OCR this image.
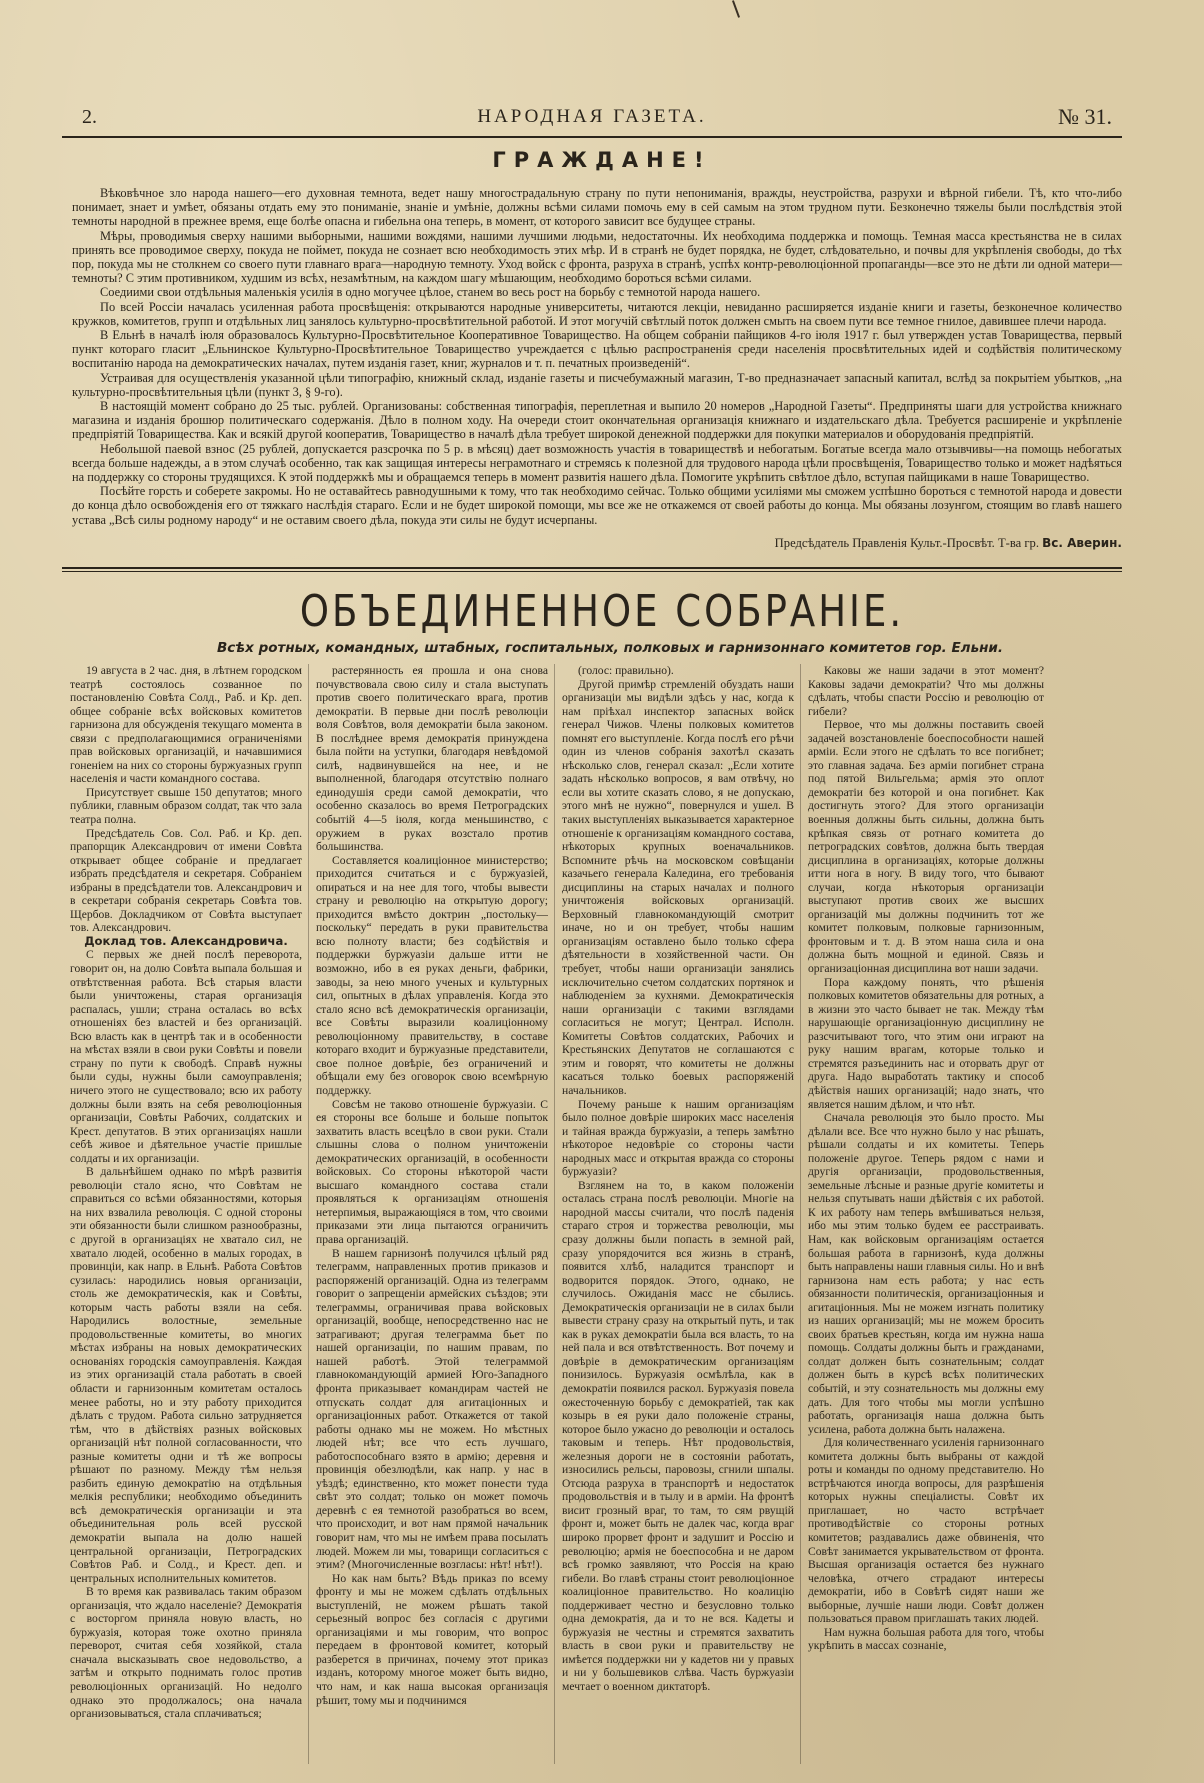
2.	НАРОДНАЯ ГАЗЕТА.	№ 31.
ГРАЖДАНЕ!

Вѣковѣчное зло народа нашего—его духовная темнота, ведет нашу многострадальную страну по пути непониманія, вражды, неустройства, разрухи и вѣрной гибели. Тѣ, кто что-либо понимает, знает и умѣет, обязаны отдать ему это пониманіе, знаніе и умѣніе, должны всѣми силами помочь ему в сей самым на этом трудном пути. Безконечно тяжелы были послѣдствія этой темноты народной в прежнее время, еще болѣе опасна и гибельна она теперь, в момент, от которого зависит все будущее страны.

Мѣры, проводимыя сверху нашими выборными, нашими вождями, нашими лучшими людьми, недостаточны. Их необходима поддержка и помощь. Темная масса крестьянства не в силах принять все проводимое сверху, покуда не поймет, покуда не сознает всю необходимость этих мѣр. И в странѣ не будет порядка, не будет, слѣдовательно, и почвы для укрѣпленія свободы, до тѣх пор, покуда мы не столкнем со своего пути главнаго врага—народную темноту. Уход войск с фронта, разруха в странѣ, успѣх контр-революціонной пропаганды—все это не дѣти ли одной матери—темноты? С этим противником, худшим из всѣх, незамѣтным, на каждом шагу мѣшающим, необходимо бороться всѣми силами.

Соедиими свои отдѣльныя маленькія усилія в одно могучее цѣлое, станем во весь рост на борьбу с темнотой народа нашего.

По всей Россіи началась усиленная работа просвѣщенія: открываются народные университеты, читаются лекціи, невиданно расширяется изданіе книги и газеты, безконечное количество кружков, комитетов, групп и отдѣльных лиц занялось культурно-просвѣтительной работой. И этот могучій свѣтлый поток должен смыть на своем пути все темное гнилое, давившее плечи народа.

В Ельнѣ в началѣ іюля образовалось Культурно-Просвѣтительное Кооперативное Товарищество. На общем собраніи пайщиков 4-го іюля 1917 г. был утвержден устав Товарищества, первый пункт котораго гласит „Ельнинское Культурно-Просвѣтительное Товарищество учреждается с цѣлью распространенія среди населенія просвѣтительных идей и содѣйствія политическому воспитанію народа на демократических началах, путем изданія газет, книг, журналов и т. п. печатных произведеній“.

Устраивая для осуществленія указанной цѣли типографію, книжный склад, изданіе газеты и писчебумажный магазин, Т-во предназначает запасный капитал, вслѣд за покрытіем убытков, „на культурно-просвѣтительныя цѣли (пункт 3, § 9-го).

В настоящій момент собрано до 25 тыс. рублей. Организованы: собственная типографія, переплетная и выпило 20 номеров „Народной Газеты“. Предприняты шаги для устройства книжнаго магазина и изданія брошюр политическаго содержанія. Дѣло в полном ходу. На очереди стоит окончательная организація книжнаго и издательскаго дѣла. Требуется расширеніе и укрѣпленіе предпріятій Товарищества. Как и всякій другой кооператив, Товарищество в началѣ дѣла требует широкой денежной поддержки для покупки материалов и оборудованія предпріятій.

Небольшой паевой взнос (25 рублей, допускается разсрочка по 5 р. в мѣсяц) дает возможность участія в товариществѣ и небогатым. Богатые всегда мало отзывчивы—на помощь небогатых всегда больше надежды, а в этом случаѣ особенно, так как защищая интересы неграмотнаго и стремясь к полезной для трудового народа цѣли просвѣщенія, Товарищество только и может надѣяться на поддержку со стороны трудящихся. К этой поддержкѣ мы и обращаемся теперь в момент развитія нашего дѣла. Помогите укрѣпить свѣтлое дѣло, вступая пайщиками в наше Товарищество.

Посѣйте горсть и соберете закромы. Но не оставайтесь равнодушными к тому, что так необходимо сейчас. Только общими усиліями мы сможем успѣшно бороться с темнотой народа и довести до конца дѣло освобожденія его от тяжкаго наслѣдія стараго. Если и не будет широкой помощи, мы все же не откажемся от своей работы до конца. Мы обязаны лозунгом, стоящим во главѣ нашего устава „Всѣ силы родному народу“ и не оставим своего дѣла, покуда эти силы не будут исчерпаны.

Предсѣдатель Правленія Культ.-Просвѣт. Т-ва гр. Вс. Аверин.
ОБЪЕДИНЕННОЕ СОБРАНІЕ.
Всѣх ротных, командных, штабных, госпитальных, полковых и гарнизоннаго комитетов гор. Ельни.

19 августа в 2 час. дня, в лѣтнем городском театрѣ состоялось созванное по постановленію Совѣта Солд., Раб. и Кр. деп. общее собраніе всѣх войсковых комитетов гарнизона для обсужденія текущаго момента в связи с предполагающимися ограниченіями прав войсковых организацій, и начавшимися гоненіем на них со стороны буржуазных групп населенія и части командного состава.

Присутствует свыше 150 депутатов; много публики, главным образом солдат, так что зала театра полна.

Предсѣдатель Сов. Сол. Раб. и Кр. деп. прапорщик Александрович от имени Совѣта открывает общее собраніе и предлагает избрать предсѣдателя и секретаря. Собраніем избраны в предсѣдатели тов. Александрович и в секретари собранія секретарь Совѣта тов. Щербов. Докладчиком от Совѣта выступает тов. Александрович.

Доклад тов. Александровича.

С первых же дней послѣ переворота, говорит он, на долю Совѣта выпала большая и отвѣтственная работа. Всѣ старыя власти были уничтожены, старая организація распалась, ушли; страна осталась во всѣх отношеніях без властей и без организацій. Всю власть как в центрѣ так и в особенности на мѣстах взяли в свои руки Совѣты и повели страну по пути к свободѣ. Справѣ нужны были суды, нужны были самоуправленія; ничего этого не существовало; всю их работу должны были взять на себя революціонныя организаціи, Совѣты Рабочих, солдатских и Крест. депутатов. В этих организаціях нашли себѣ живое и дѣятельное участіе пришлые солдаты и их организаціи.

В дальнѣйшем однако по мѣрѣ развитія революціи стало ясно, что Совѣтам не справиться со всѣми обязанностями, которыя на них взвалила революція. С одной стороны эти обязанности были слишком разнообразны, с другой в организаціях не хватало сил, не хватало людей, особенно в малых городах, в провинціи, как напр. в Ельнѣ. Работа Совѣтов сузилась: народились новыя организаціи, столь же демократическія, как и Совѣты, которым часть работы взяли на себя. Народились волостные, земельные продовольственные комитеты, во многих мѣстах избраны на новых демократических основаніях городскія самоуправленія. Каждая из этих организацій стала работать в своей области и гарнизонным комитетам осталось менее работы, но и эту работу приходится дѣлать с трудом. Работа сильно затрудняется тѣм, что в дѣйствіях разных войсковых организацій нѣт полной согласованности, что разные комитеты одни и тѣ же вопросы рѣшают по разному. Между тѣм нельзя разбить единую демократію на отдѣльныя мелкія республики; необходимо объединить всѣ демократическія организаціи и эта объединительная роль всей русской демократіи выпала на долю нашей центральной организаціи, Петроградских Совѣтов Раб. и Солд., и Крест. деп. и центральных исполнительных комитетов.

В то время как развивалась таким образом организація, что ждало населеніе? Демократія с восторгом приняла новую власть, но буржуазія, которая тоже охотно приняла переворот, считая себя хозяйкой, стала сначала высказывать свое недовольство, а затѣм и открыто поднимать голос против революціонных организацій. Но недолго однако это продолжалось; она начала организовываться, стала сплачиваться;

растерянность ея прошла и она снова почувствовала свою силу и стала выступать против своего политическаго врага, против демократіи. В первые дни послѣ революціи воля Совѣтов, воля демократіи была законом. В послѣднее время демократія принуждена была пойти на уступки, благодаря невѣдомой силѣ, надвинувшейся на нее, и не выполненной, благодаря отсутствію полнаго единодушія среди самой демократіи, что особенно сказалось во время Петроградских событій 4—5 іюля, когда меньшинство, с оружием в руках возстало против большинства.

Составляется коалиціонное министерство; приходится считаться и с буржуазіей, опираться и на нее для того, чтобы вывести страну и революцію на открытую дорогу; приходится вмѣсто доктрин „постольку—поскольку“ передать в руки правительства всю полноту власти; без содѣйствія и поддержки буржуазіи дальше итти не возможно, ибо в ея руках деньги, фабрики, заводы, за нею много ученых и культурных сил, опытных в дѣлах управленія. Когда это стало ясно всѣ демократическія организаціи, все Совѣты выразили коалиціонному революціонному правительству, в составе котораго входит и буржуазные представители, свое полное довѣріе, без ограничений и обѣщали ему без оговорок свою всемѣрную поддержку.

Совсѣм не таково отношеніе буржуазіи. С ея стороны все больше и больше попыток захватить власть всецѣло в свои руки. Стали слышны слова о полном уничтоженіи демократических организацій, в особенности войсковых. Со стороны нѣкоторой части высшаго командного состава стали проявляться к организаціям отношенія нетерпимыя, выражающіяся в том, что своими приказами эти лица пытаются ограничить права организацій.

В нашем гарнизонѣ получился цѣлый ряд телеграмм, направленных против приказов и распоряженій организацій. Одна из телеграмм говорит о запрещеніи армейских съѣздов; эти телеграммы, ограничивая права войсковых организацій, вообще, непосредственно нас не затрагивают; другая телеграмма бьет по нашей организаціи, по нашим правам, по нашей работѣ. Этой телеграммой главнокомандующій армией Юго-Западного фронта приказывает командирам частей не отпускать солдат для агитаціонных и организаціонных работ. Откажется от такой работы однако мы не можем. Но мѣстных людей нѣт; все что есть лучшаго, работоспособнаго взято в армію; деревня и провинція обезлюдѣли, как напр. у нас в уѣздѣ; единственно, кто может понести туда свѣт это солдат; только он может помочь деревнѣ с ея темнотой разобраться во всем, что происходит, и вот нам прямой начальник говорит нам, что мы не имѣем права посылать людей. Можем ли мы, товарищи согласиться с этим? (Многочисленные возгласы: нѣт! нѣт!).

Но как нам быть? Вѣдь приказ по всему фронту и мы не можем сдѣлать отдѣльных выступленій, не можем рѣшать такой серьезный вопрос без согласія с другими организаціями и мы говорим, что вопрос передаем в фронтовой комитет, который разберется в причинах, почему этот приказ изданъ, которому многое может быть видно, что нам, и как наша высокая организація рѣшит, тому мы и подчинимся

(голос: правильно).

Другой примѣр стремленій обуздать наши организаціи мы видѣли здѣсь у нас, когда к нам пріѣхал инспектор запасных войск генерал Чижов. Члены полковых комитетов помнят его выступленіе. Когда послѣ его рѣчи один из членов собранія захотѣл сказать нѣсколько слов, генерал сказал: „Если хотите задать нѣсколько вопросов, я вам отвѣчу, но если вы хотите сказать слово, я не допускаю, этого мнѣ не нужно“, повернулся и ушел. В таких выступленіях выказывается характерное отношеніе к организаціям командного состава, нѣкоторых крупных военачальников. Вспомните рѣчь на московском совѣщаніи казачьего генерала Каледина, его требованія дисциплины на старых началах и полного уничтоженія войсковых организацій. Верховный главнокомандующій смотрит иначе, но и он требует, чтобы нашим организаціям оставлено было только сфера дѣятельности в хозяйственной части. Он требует, чтобы наши организаціи занялись исключительно счетом солдатских портянок и наблюденіем за кухнями. Демократическія наши организаціи с такими взглядами согласиться не могут; Централ. Исполн. Комитеты Совѣтов солдатских, Рабочих и Крестьянских Депутатов не соглашаются с этим и говорят, что комитеты не должны касаться только боевых распоряженій начальников.

Почему раньше к нашим организаціям было полное довѣріе широких масс населенія и тайная вражда буржуазіи, а теперь замѣтно нѣкоторое недовѣріе со стороны части народных масс и открытая вражда со стороны буржуазіи?

Взглянем на то, в каком положеніи осталась страна послѣ революціи. Многіе на народной массы считали, что послѣ паденія стараго строя и торжества революціи, мы сразу должны были попасть в земной рай, сразу упорядочится вся жизнь в странѣ, появится хлѣб, наладится транспорт и водворится порядок. Этого, однако, не случилось. Ожиданія масс не сбылись. Демократическія организаціи не в силах были вывести страну сразу на открытый путь, и так как в руках демократіи была вся власть, то на ней пала и вся отвѣтственность. Вот почему и довѣріе в демократическим организаціям понизилось. Буржуазія осмѣлѣла, как в демократіи появился раскол. Буржуазія повела ожесточенную борьбу с демократіей, так как козырь в ея руки дало положеніе страны, которое было ужасно до революціи и осталось таковым и теперь. Нѣт продовольствія, железныя дороги не в состояніи работать, износились рельсы, паровозы, сгнили шпалы. Отсюда разруха в транспортѣ и недостаток продовольствія и в тылу и в арміи. На фронтѣ висит грозный враг, то там, то сям рвущій фронт и, может быть не далек час, когда враг широко прорвет фронт и задушит и Россію и революцію; армія не боеспособна и не даром всѣ громко заявляют, что Россія на краю гибели. Во главѣ страны стоит революціонное коалиціонное правительство. Но коалицію поддерживает честно и безусловно только одна демократія, да и то не вся. Кадеты и буржуазія не честны и стремятся захватить власть в свои руки и правительству не имѣется поддержки ни у кадетов ни у правых и ни у большевиков слѣва. Часть буржуазіи мечтает о военном диктаторѣ.

Каковы же наши задачи в этот момент? Каковы задачи демократіи? Что мы должны сдѣлать, чтобы спасти Россію и революцію от гибели?

Первое, что мы должны поставить своей задачей возстановленіе боеспособности нашей арміи. Если этого не сдѣлать то все погибнет; это главная задача. Без арміи погибнет страна под пятой Вильгельма; армія это оплот демократіи без которой и она погибнет. Как достигнуть этого? Для этого организаціи военныя должны быть сильны, должна быть крѣпкая связь от ротнаго комитета до петроградских совѣтов, должна быть твердая дисциплина в организаціях, которые должны итти нога в ногу. В виду того, что бывают случаи, когда нѣкоторыя организаціи выступают против своих же высших организацій мы должны подчинить тот же комитет полковым, полковые гарнизонным, фронтовым и т. д. В этом наша сила и она должна быть мощной и единой. Связь и организаціонная дисциплина вот наши задачи.

Пора каждому понять, что рѣшенія полковых комитетов обязательны для ротных, а в жизни это часто бывает не так. Между тѣм нарушающіе организаціонную дисциплину не разсчитывают того, что этим они играют на руку нашим врагам, которые только и стремятся разъединить нас и оторвать друг от друга. Надо выработать тактику и способ дѣйствія наших организацій; надо знать, что является нашим дѣлом, и что нѣт.

Сначала революція это было просто. Мы дѣлали все. Все что нужно было у нас рѣшать, рѣшали солдаты и их комитеты. Теперь положеніе другое. Теперь рядом с нами и другія организаціи, продовольственныя, земельные лѣсные и разные другіе комитеты и нельзя спутывать наши дѣйствія с их работой. К их работу нам теперь вмѣшиваться нельзя, ибо мы этим только будем ее расстраивать. Нам, как войсковым организаціям остается большая работа в гарнизонѣ, куда должны быть направлены наши главныя силы. Но и внѣ гарнизона нам есть работа; у нас есть обязанности политическія, организаціонныя и агитаціонныя. Мы не можем изгнать политику из наших организацій; мы не можем бросить своих братьев крестьян, когда им нужна наша помощь. Солдаты должны быть и гражданами, солдат должен быть сознательным; солдат должен быть в курсѣ всѣх политических событій, и эту сознательность мы должны ему дать. Для того чтобы мы могли успѣшно работать, организація наша должна быть усилена, работа должна быть налажена.

Для количественнаго усиленія гарнизоннаго комитета должны быть выбраны от каждой роты и команды по одному представителю. Но встрѣчаются иногда вопросы, для разрѣшенія которых нужны спеціалисты. Совѣт их приглашает, но часто встрѣчает противодѣйствіе со стороны ротных комитетов; раздавались даже обвиненія, что Совѣт занимается укрывательством от фронта. Высшая организація остается без нужнаго человѣка, отчего страдают интересы демократіи, ибо в Совѣтѣ сидят наши же выборные, лучшіе наши люди. Совѣт должен пользоваться правом приглашать таких людей.

Нам нужна большая работа для того, чтобы укрѣпить в массах сознаніе,
